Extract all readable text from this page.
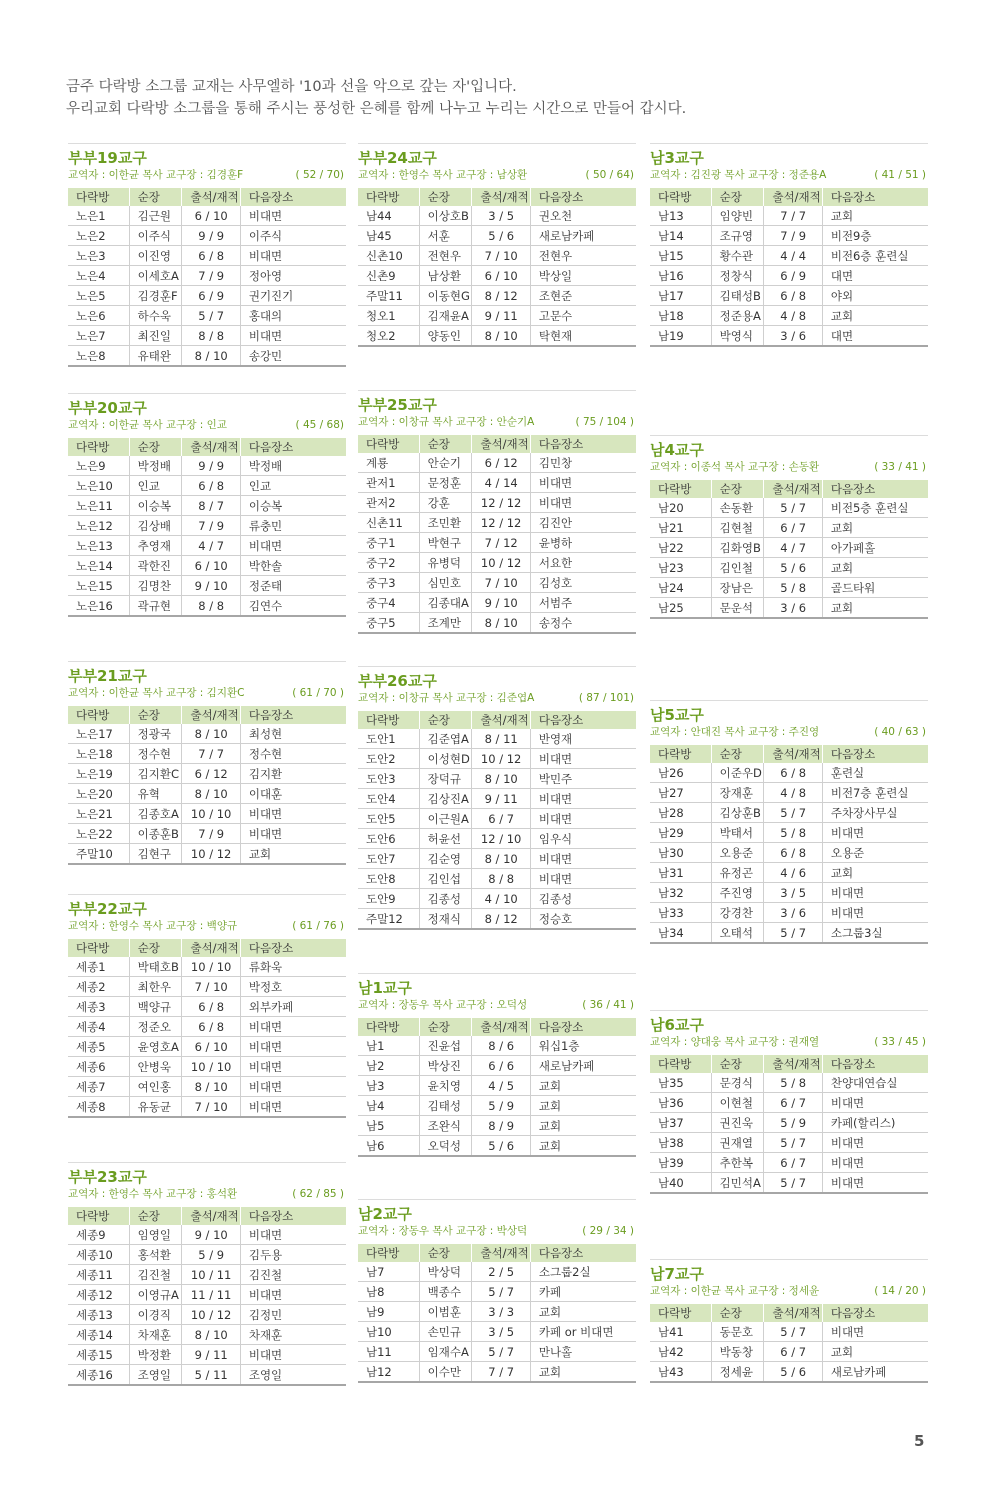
금주 다락방 소그룹 교재는 사무엘하 '10과 선을 악으로 갚는 자'입니다.
우리교회 다락방 소그룹을 통해 주시는 풍성한 은혜를 함께 나누고 누리는 시간으로 만들어 갑시다.
부부19교구
교역자 : 이한균 목사 교구장 : 김경훈F	( 52 / 70)
다락방	순장	출석/재적	다음장소
노은1	김근원	6 / 10	비대면
노은2	이주식	9 / 9	이주식
노은3	이진영	6 / 8	비대면
노은4	이세호A	7 / 9	정아영
노은5	김경훈F	6 / 9	권기진기
노은6	하수욱	5 / 7	홍대의
노은7	최진일	8 / 8	비대면
노은8	유태완	8 / 10	송강민
부부20교구
교역자 : 이한균 목사 교구장 : 인교	( 45 / 68)
다락방	순장	출석/재적	다음장소
노은9	박정배	9 / 9	박정배
노은10	인교	6 / 8	인교
노은11	이승복	8 / 7	이승복
노은12	김상배	7 / 9	류충민
노은13	추영재	4 / 7	비대면
노은14	곽한진	6 / 10	박한솔
노은15	김명찬	9 / 10	정준태
노은16	곽규현	8 / 8	김연수
부부21교구
교역자 : 이한균 목사 교구장 : 김지환C	( 61 / 70 )
다락방	순장	출석/재적	다음장소
노은17	정광국	8 / 10	최성현
노은18	정수현	7 / 7	정수현
노은19	김지환C	6 / 12	김지환
노은20	유혁	8 / 10	이대훈
노은21	김종호A	10 / 10	비대면
노은22	이종훈B	7 / 9	비대면
주말10	김현구	10 / 12	교회
부부22교구
교역자 : 한영수 목사 교구장 : 백양규	( 61 / 76 )
다락방	순장	출석/재적	다음장소
세종1	박태호B	10 / 10	류화욱
세종2	최한우	7 / 10	박정호
세종3	백양규	6 / 8	외부카페
세종4	정준오	6 / 8	비대면
세종5	윤영호A	6 / 10	비대면
세종6	안병욱	10 / 10	비대면
세종7	여인홍	8 / 10	비대면
세종8	유동균	7 / 10	비대면
부부23교구
교역자 : 한영수 목사 교구장 : 홍석환	( 62 / 85 )
다락방	순장	출석/재적	다음장소
세종9	임영일	9 / 10	비대면
세종10	홍석환	5 / 9	김두용
세종11	김진철	10 / 11	김진철
세종12	이영규A	11 / 11	비대면
세종13	이경직	10 / 12	김정민
세종14	차재훈	8 / 10	차재훈
세종15	박정환	9 / 11	비대면
세종16	조영일	5 / 11	조영일
부부24교구
교역자 : 한영수 목사 교구장 : 남상환	( 50 / 64)
다락방	순장	출석/재적	다음장소
남44	이상호B	3 / 5	권오천
남45	서훈	5 / 6	새로남카페
신촌10	전현우	7 / 10	전현우
신촌9	남상환	6 / 10	박상일
주말11	이동현G	8 / 12	조현준
청오1	김재윤A	9 / 11	고문수
청오2	양동인	8 / 10	탁현재
부부25교구
교역자 : 이창규 목사 교구장 : 안순기A	( 75 / 104 )
다락방	순장	출석/재적	다음장소
계룡	안순기	6 / 12	김민창
관저1	문정훈	4 / 14	비대면
관저2	강훈	12 / 12	비대면
신촌11	조민환	12 / 12	김진안
중구1	박현구	7 / 12	윤병하
중구2	유병덕	10 / 12	서요한
중구3	심민호	7 / 10	김성호
중구4	김종대A	9 / 10	서범주
중구5	조계만	8 / 10	송정수
부부26교구
교역자 : 이창규 목사 교구장 : 김준엽A	( 87 / 101)
다락방	순장	출석/재적	다음장소
도안1	김준엽A	8 / 11	반영재
도안2	이성현D	10 / 12	비대면
도안3	장덕규	8 / 10	박민주
도안4	김상진A	9 / 11	비대면
도안5	이근원A	6 / 7	비대면
도안6	허윤선	12 / 10	임우식
도안7	김순영	8 / 10	비대면
도안8	김인섭	8 / 8	비대면
도안9	김종성	4 / 10	김종성
주말12	정재식	8 / 12	정승호
남1교구
교역자 : 장동우 목사 교구장 : 오덕성	( 36 / 41 )
다락방	순장	출석/재적	다음장소
남1	진윤섭	8 / 6	워십1층
남2	박상진	6 / 6	새로남카페
남3	윤치영	4 / 5	교회
남4	김태성	5 / 9	교회
남5	조완식	8 / 9	교회
남6	오덕성	5 / 6	교회
남2교구
교역자 : 장동우 목사 교구장 : 박상덕	( 29 / 34 )
다락방	순장	출석/재적	다음장소
남7	박상덕	2 / 5	소그룹2실
남8	백종수	5 / 7	카페
남9	이범훈	3 / 3	교회
남10	손민규	3 / 5	카페 or 비대면
남11	임재수A	5 / 7	만나홀
남12	이수만	7 / 7	교회
남3교구
교역자 : 김진광 목사 교구장 : 정준용A	( 41 / 51 )
다락방	순장	출석/재적	다음장소
남13	임양빈	7 / 7	교회
남14	조규영	7 / 9	비전9층
남15	황수관	4 / 4	비전6층 훈련실
남16	정창식	6 / 9	대면
남17	김태성B	6 / 8	야외
남18	정준용A	4 / 8	교회
남19	박영식	3 / 6	대면
남4교구
교역자 : 이종석 목사 교구장 : 손동환	( 33 / 41 )
다락방	순장	출석/재적	다음장소
남20	손동환	5 / 7	비전5층 훈련실
남21	김현철	6 / 7	교회
남22	김화영B	4 / 7	아가페홀
남23	김인철	5 / 6	교회
남24	장남은	5 / 8	골드타워
남25	문운석	3 / 6	교회
남5교구
교역자 : 안대진 목사 교구장 : 주진영	( 40 / 63 )
다락방	순장	출석/재적	다음장소
남26	이준우D	6 / 8	훈련실
남27	장재훈	4 / 8	비전7층 훈련실
남28	김상훈B	5 / 7	주차장사무실
남29	박태서	5 / 8	비대면
남30	오용준	6 / 8	오용준
남31	유정곤	4 / 6	교회
남32	주진영	3 / 5	비대면
남33	강경찬	3 / 6	비대면
남34	오태석	5 / 7	소그룹3실
남6교구
교역자 : 양대웅 목사 교구장 : 권재열	( 33 / 45 )
다락방	순장	출석/재적	다음장소
남35	문경식	5 / 8	찬양대연습실
남36	이현철	6 / 7	비대면
남37	권진욱	5 / 9	카페(할리스)
남38	권재열	5 / 7	비대면
남39	추한복	6 / 7	비대면
남40	김민석A	5 / 7	비대면
남7교구
교역자 : 이한균 목사 교구장 : 정세윤	( 14 / 20 )
다락방	순장	출석/재적	다음장소
남41	동문호	5 / 7	비대면
남42	박동창	6 / 7	교회
남43	정세윤	5 / 6	새로남카페
5
